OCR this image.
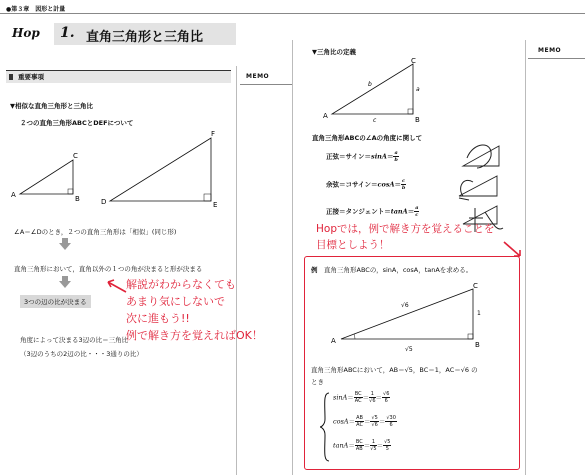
●第３章　図形と計量
Hop 1. 直角三角形と三角比
重要事項
▼相似な直角三角形と三角比
２つの直角三角形ABCとDEFについて
A	B
C
D	E
F
∠A＝∠Dのとき，２つの直角三角形は「相似」(同じ形)
直角三角形において，直角以外の１つの角が決まると形が決まる
3つの辺の比が決まる
角度によって決まる3辺の比＝三角比
（3辺のうちの2辺の比・・・3通りの比）
MEMO
▼三角比の定義
A	B
C
b
a
c
直角三角形ABCの∠Aの角度に関して
正弦＝サイン$=\sin A= \frac{a}{b}$
余弦＝コサイン$=\cos A= \frac{c}{b}$
正接＝タンジェント$=\tan A= \frac{a}{c}$
MEMO
Hopでは，例で解き方を覚えることを
目標としよう！
解説がわからなくても
あまり気にしないで
次に進もう!!
例で解き方を覚えればOK！
例　 直角三角形ABCの，sinA，cosA，tanAを求める。
A	B
C
√6
1
√5
直角三角形ABCにおいて，AB＝√5，BC＝1，AC＝√6 の
とき
$\sin A= \frac{BC}{AC} = \frac{1}{√6} = \frac{√6}{6}$
$\cos A= \frac{AB}{AC} = \frac{√5}{√6} = \frac{√30}{6}$
$\tan A= \frac{BC}{AB} = \frac{1}{√5} = \frac{√5}{5}$
